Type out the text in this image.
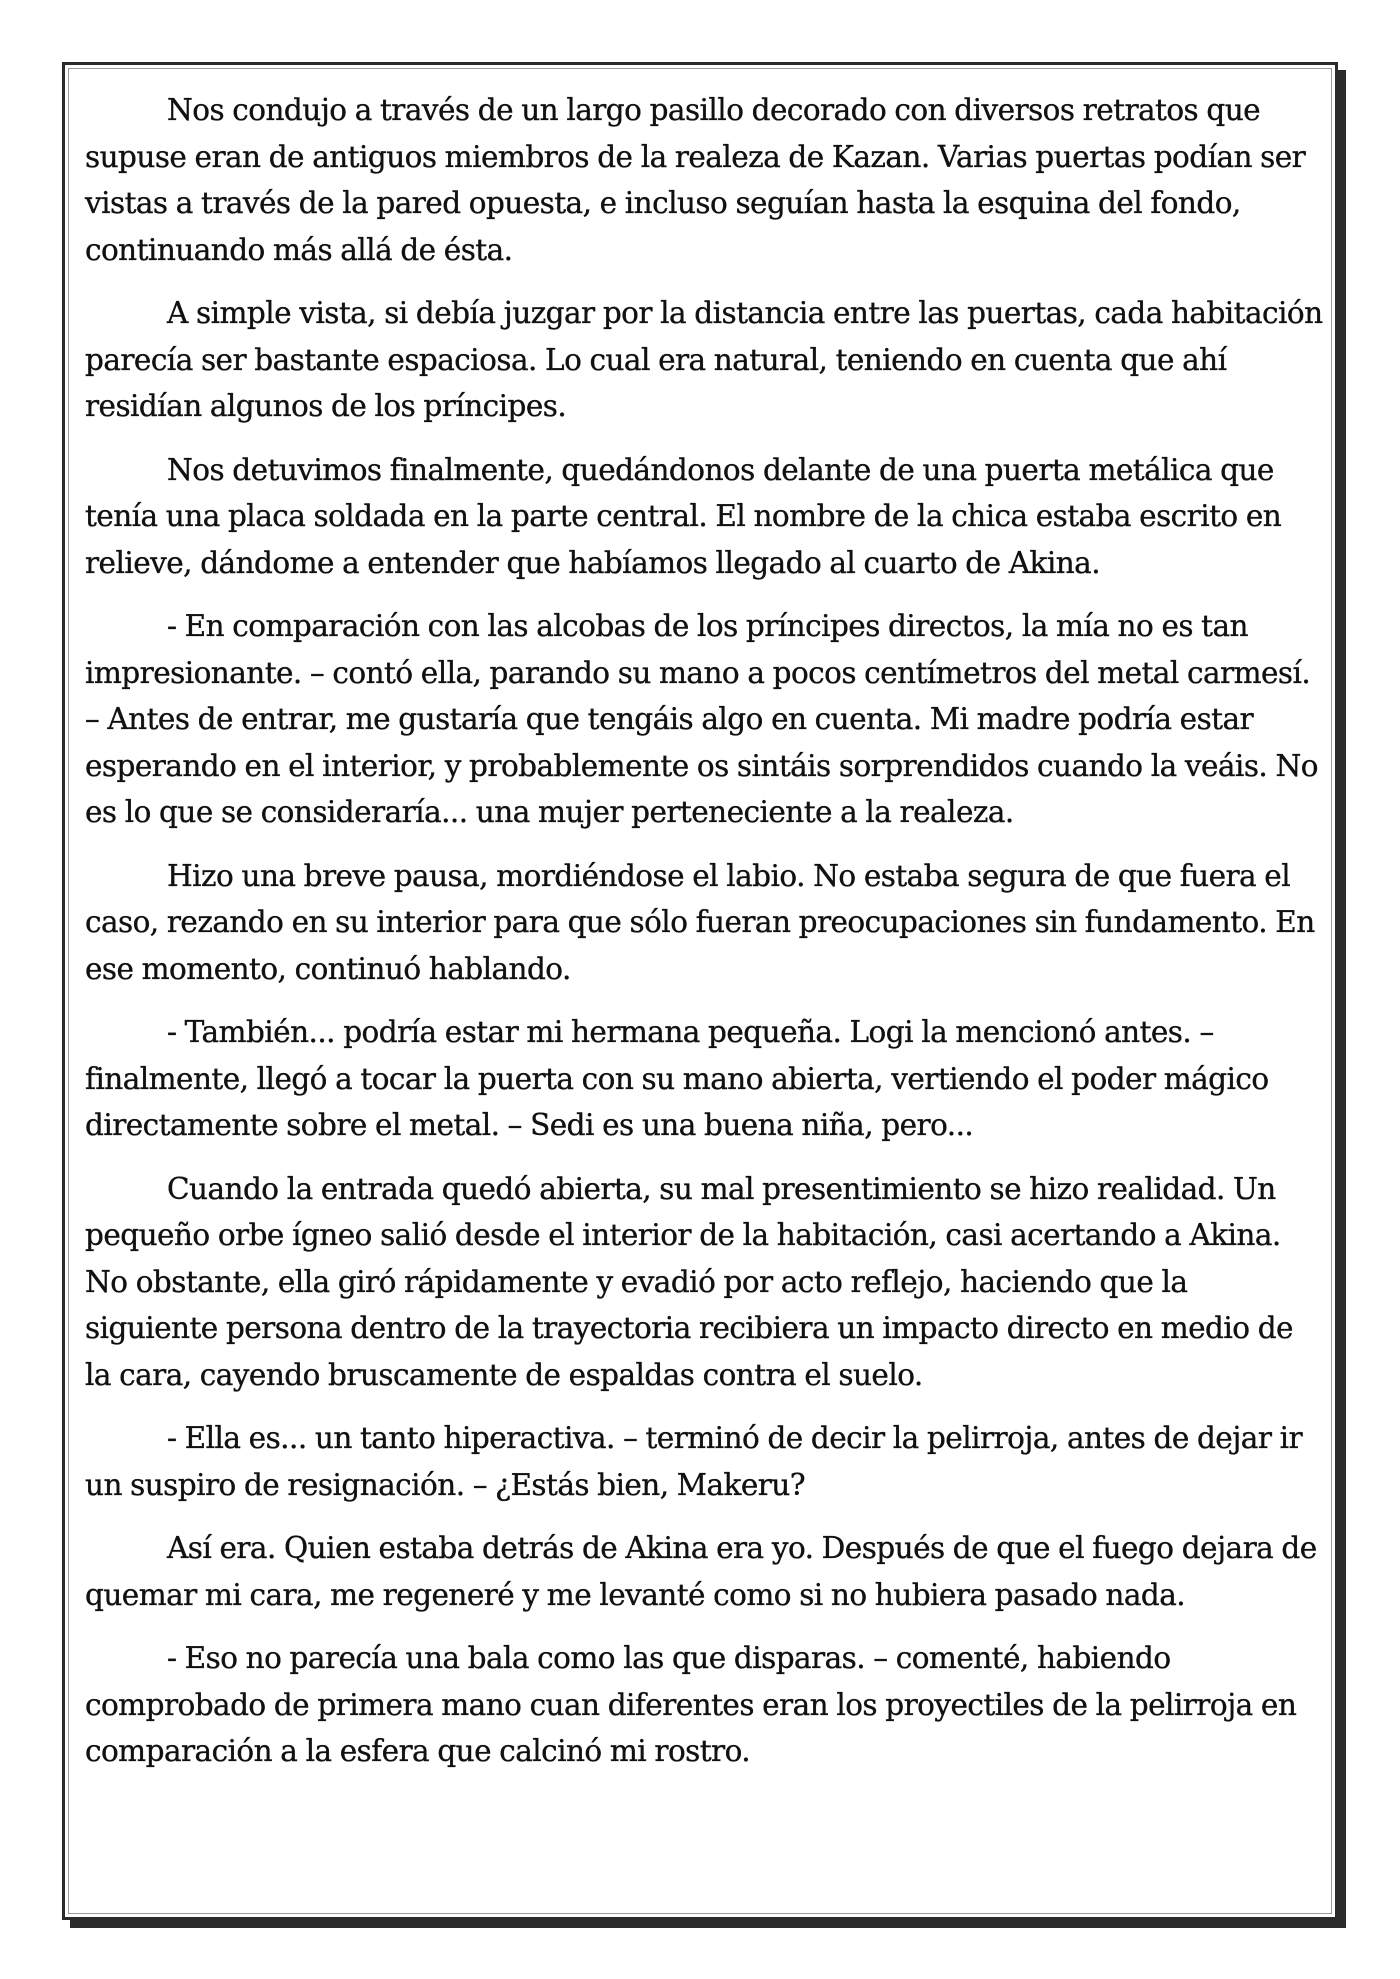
Nos condujo a través de un largo pasillo decorado con diversos retratos que supuse eran de antiguos miembros de la realeza de Kazan. Varias puertas podían ser vistas a través de la pared opuesta, e incluso seguían hasta la esquina del fondo, continuando más allá de ésta.

A simple vista, si debía juzgar por la distancia entre las puertas, cada habitación parecía ser bastante espaciosa. Lo cual era natural, teniendo en cuenta que ahí residían algunos de los príncipes.

Nos detuvimos finalmente, quedándonos delante de una puerta metálica que tenía una placa soldada en la parte central. El nombre de la chica estaba escrito en relieve, dándome a entender que habíamos llegado al cuarto de Akina.

- En comparación con las alcobas de los príncipes directos, la mía no es tan impresionante. – contó ella, parando su mano a pocos centímetros del metal carmesí. – Antes de entrar, me gustaría que tengáis algo en cuenta. Mi madre podría estar esperando en el interior, y probablemente os sintáis sorprendidos cuando la veáis. No es lo que se consideraría... una mujer perteneciente a la realeza.

Hizo una breve pausa, mordiéndose el labio. No estaba segura de que fuera el caso, rezando en su interior para que sólo fueran preocupaciones sin fundamento. En ese momento, continuó hablando.

- También... podría estar mi hermana pequeña. Logi la mencionó antes. – finalmente, llegó a tocar la puerta con su mano abierta, vertiendo el poder mágico directamente sobre el metal. – Sedi es una buena niña, pero...

Cuando la entrada quedó abierta, su mal presentimiento se hizo realidad. Un pequeño orbe ígneo salió desde el interior de la habitación, casi acertando a Akina. No obstante, ella giró rápidamente y evadió por acto reflejo, haciendo que la siguiente persona dentro de la trayectoria recibiera un impacto directo en medio de la cara, cayendo bruscamente de espaldas contra el suelo.

- Ella es... un tanto hiperactiva. – terminó de decir la pelirroja, antes de dejar ir un suspiro de resignación. – ¿Estás bien, Makeru?

Así era. Quien estaba detrás de Akina era yo. Después de que el fuego dejara de quemar mi cara, me regeneré y me levanté como si no hubiera pasado nada.

- Eso no parecía una bala como las que disparas. – comenté, habiendo comprobado de primera mano cuan diferentes eran los proyectiles de la pelirroja en comparación a la esfera que calcinó mi rostro.
